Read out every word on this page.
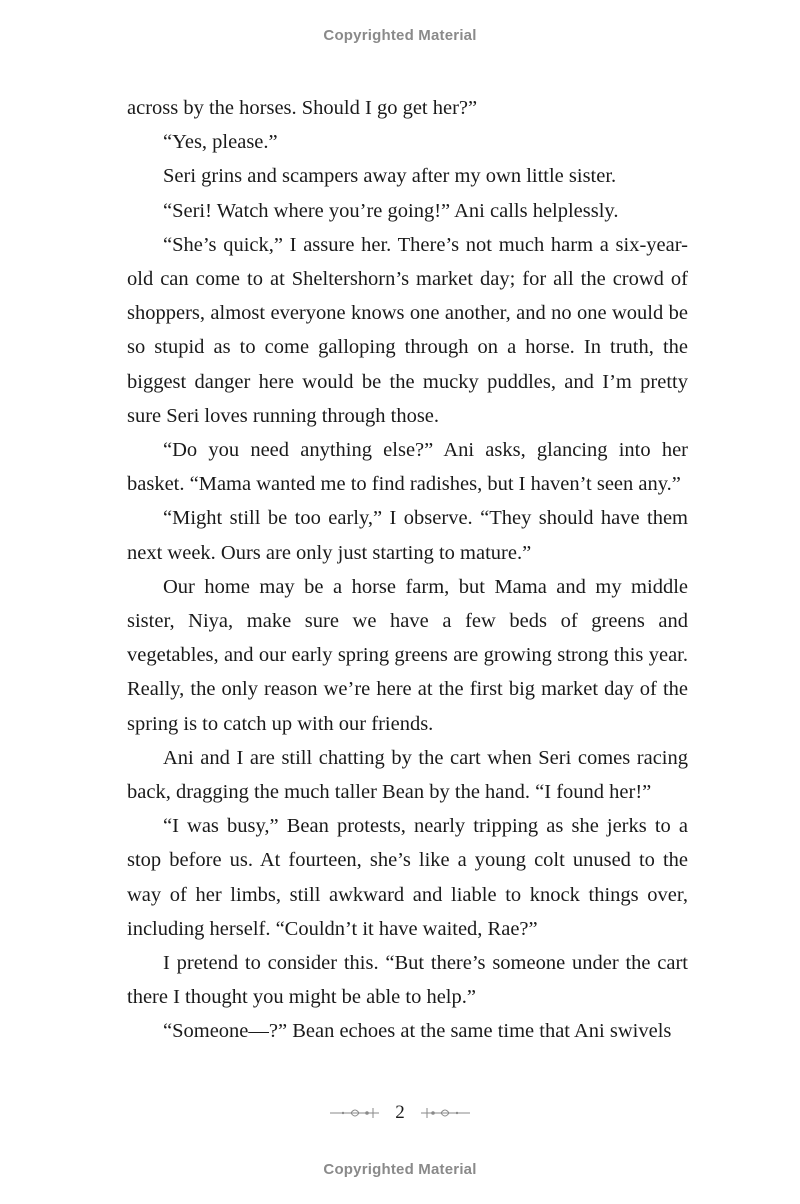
Copyrighted Material

across by the horses. Should I go get her?”

“Yes, please.”

Seri grins and scampers away after my own little sister.

“Seri! Watch where you’re going!” Ani calls helplessly.

“She’s quick,” I assure her. There’s not much harm a six-year-old can come to at Sheltershorn’s market day; for all the crowd of shoppers, almost everyone knows one another, and no one would be so stupid as to come galloping through on a horse. In truth, the biggest danger here would be the mucky puddles, and I’m pretty sure Seri loves running through those.

“Do you need anything else?” Ani asks, glancing into her basket. “Mama wanted me to find radishes, but I haven’t seen any.”

“Might still be too early,” I observe. “They should have them next week. Ours are only just starting to mature.”

Our home may be a horse farm, but Mama and my middle sister, Niya, make sure we have a few beds of greens and vegetables, and our early spring greens are growing strong this year. Really, the only reason we’re here at the first big market day of the spring is to catch up with our friends.

Ani and I are still chatting by the cart when Seri comes racing back, dragging the much taller Bean by the hand. “I found her!”

“I was busy,” Bean protests, nearly tripping as she jerks to a stop before us. At fourteen, she’s like a young colt unused to the way of her limbs, still awkward and liable to knock things over, including herself. “Couldn’t it have waited, Rae?”

I pretend to consider this. “But there’s someone under the cart there I thought you might be able to help.”

“Someone—?” Bean echoes at the same time that Ani swivels

2
Copyrighted Material
